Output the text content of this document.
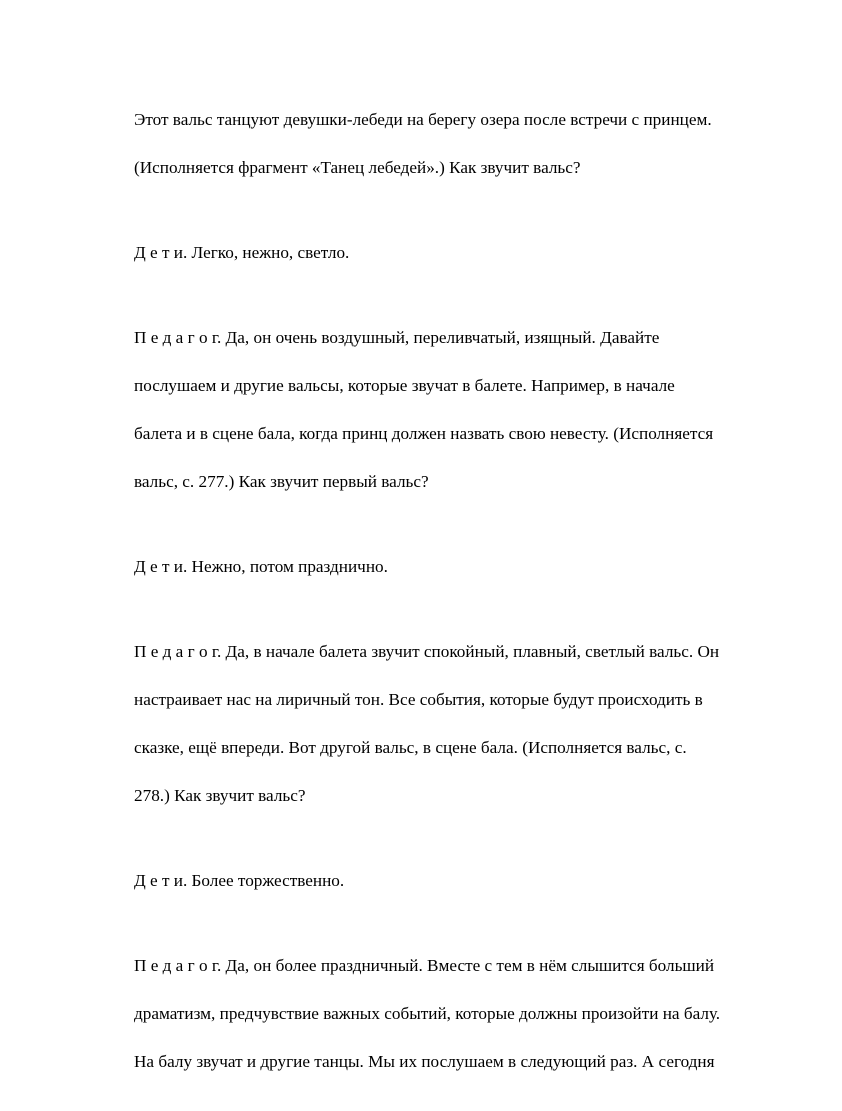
Этот вальс танцуют девушки-лебеди на берегу озера после встречи с принцем.

(Исполняется фрагмент «Танец лебедей».) Как звучит вальс?

Д е т и. Легко, нежно, светло.

П е д а г о г. Да, он очень воздушный, переливчатый, изящный. Давайте

послушаем и другие вальсы, которые звучат в балете. Например, в начале

балета и в сцене бала, когда принц должен назвать свою невесту. (Исполняется

вальс, с. 277.) Как звучит первый вальс?

Д е т и. Нежно, потом празднично.

П е д а г о г. Да, в начале балета звучит спокойный, плавный, светлый вальс. Он

настраивает нас на лиричный тон. Все события, которые будут происходить в

сказке, ещё впереди. Вот другой вальс, в сцене бала. (Исполняется вальс, с.

278.) Как звучит вальс?

Д е т и. Более торжественно.

П е д а г о г. Да, он более праздничный. Вместе с тем в нём слышится больший

драматизм, предчувствие важных событий, которые должны произойти на балу.

На балу звучат и другие танцы. Мы их послушаем в следующий раз. А сегодня
